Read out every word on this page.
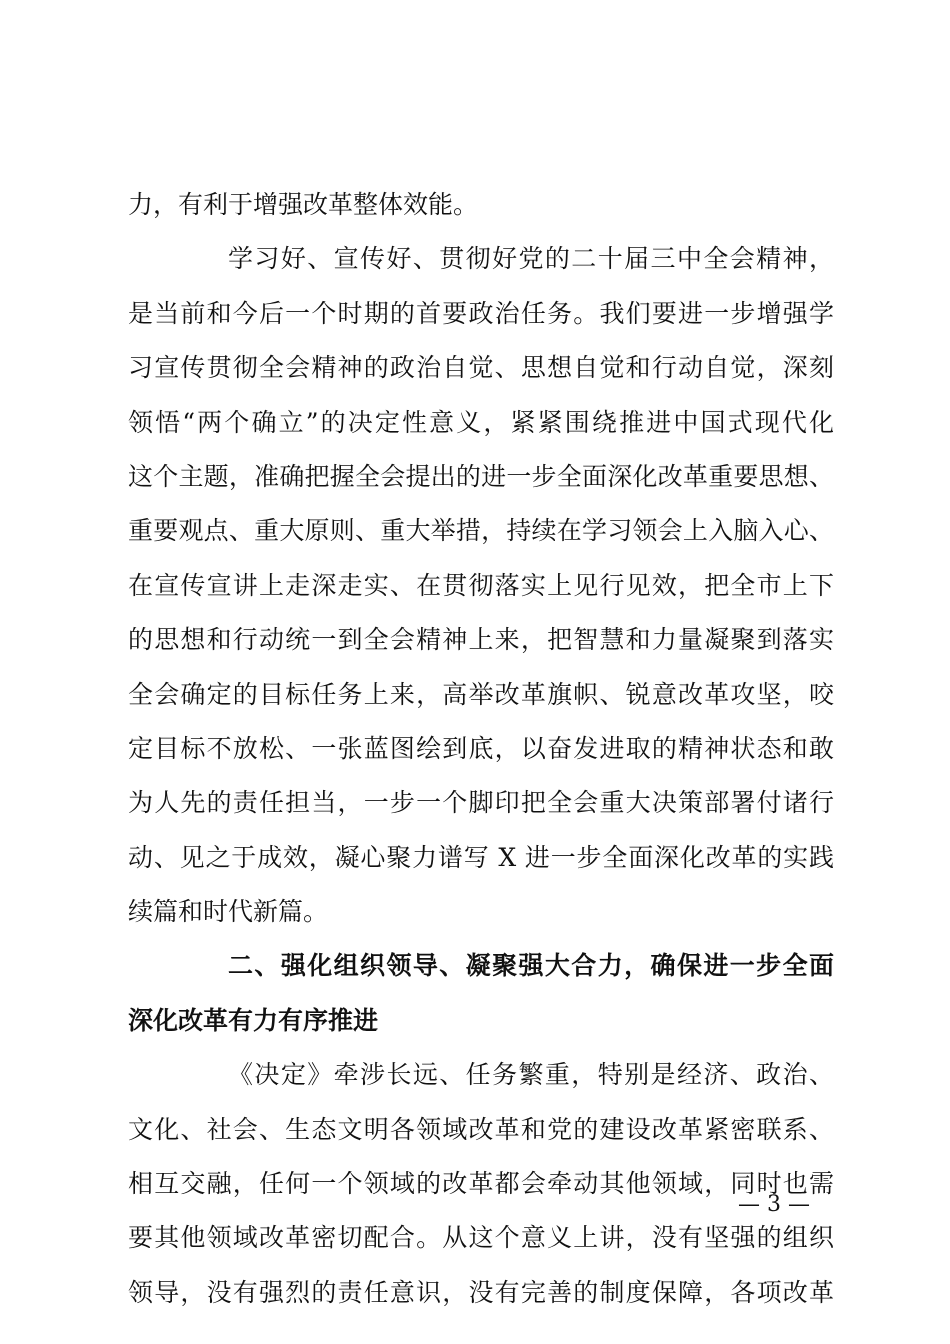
力，有利于增强改革整体效能。
学习好、宣传好、贯彻好党的二十届三中全会精神，
是当前和今后一个时期的首要政治任务。我们要进一步增强学
习宣传贯彻全会精神的政治自觉、思想自觉和行动自觉，深刻
领悟“两个确立”的决定性意义，紧紧围绕推进中国式现代化
这个主题，准确把握全会提出的进一步全面深化改革重要思想、
重要观点、重大原则、重大举措，持续在学习领会上入脑入心、
在宣传宣讲上走深走实、在贯彻落实上见行见效，把全市上下
的思想和行动统一到全会精神上来，把智慧和力量凝聚到落实
全会确定的目标任务上来，高举改革旗帜、锐意改革攻坚，咬
定目标不放松、一张蓝图绘到底，以奋发进取的精神状态和敢
为人先的责任担当，一步一个脚印把全会重大决策部署付诸行
动、见之于成效，凝心聚力谱写 X 进一步全面深化改革的实践
续篇和时代新篇。
二、强化组织领导、凝聚强大合力，确保进一步全面
深化改革有力有序推进
《决定》牵涉长远、任务繁重，特别是经济、政治、
文化、社会、生态文明各领域改革和党的建设改革紧密联系、
相互交融，任何一个领域的改革都会牵动其他领域，同时也需
要其他领域改革密切配合。从这个意义上讲，没有坚强的组织
领导，没有强烈的责任意识，没有完善的制度保障，各项改革
— 3 —
